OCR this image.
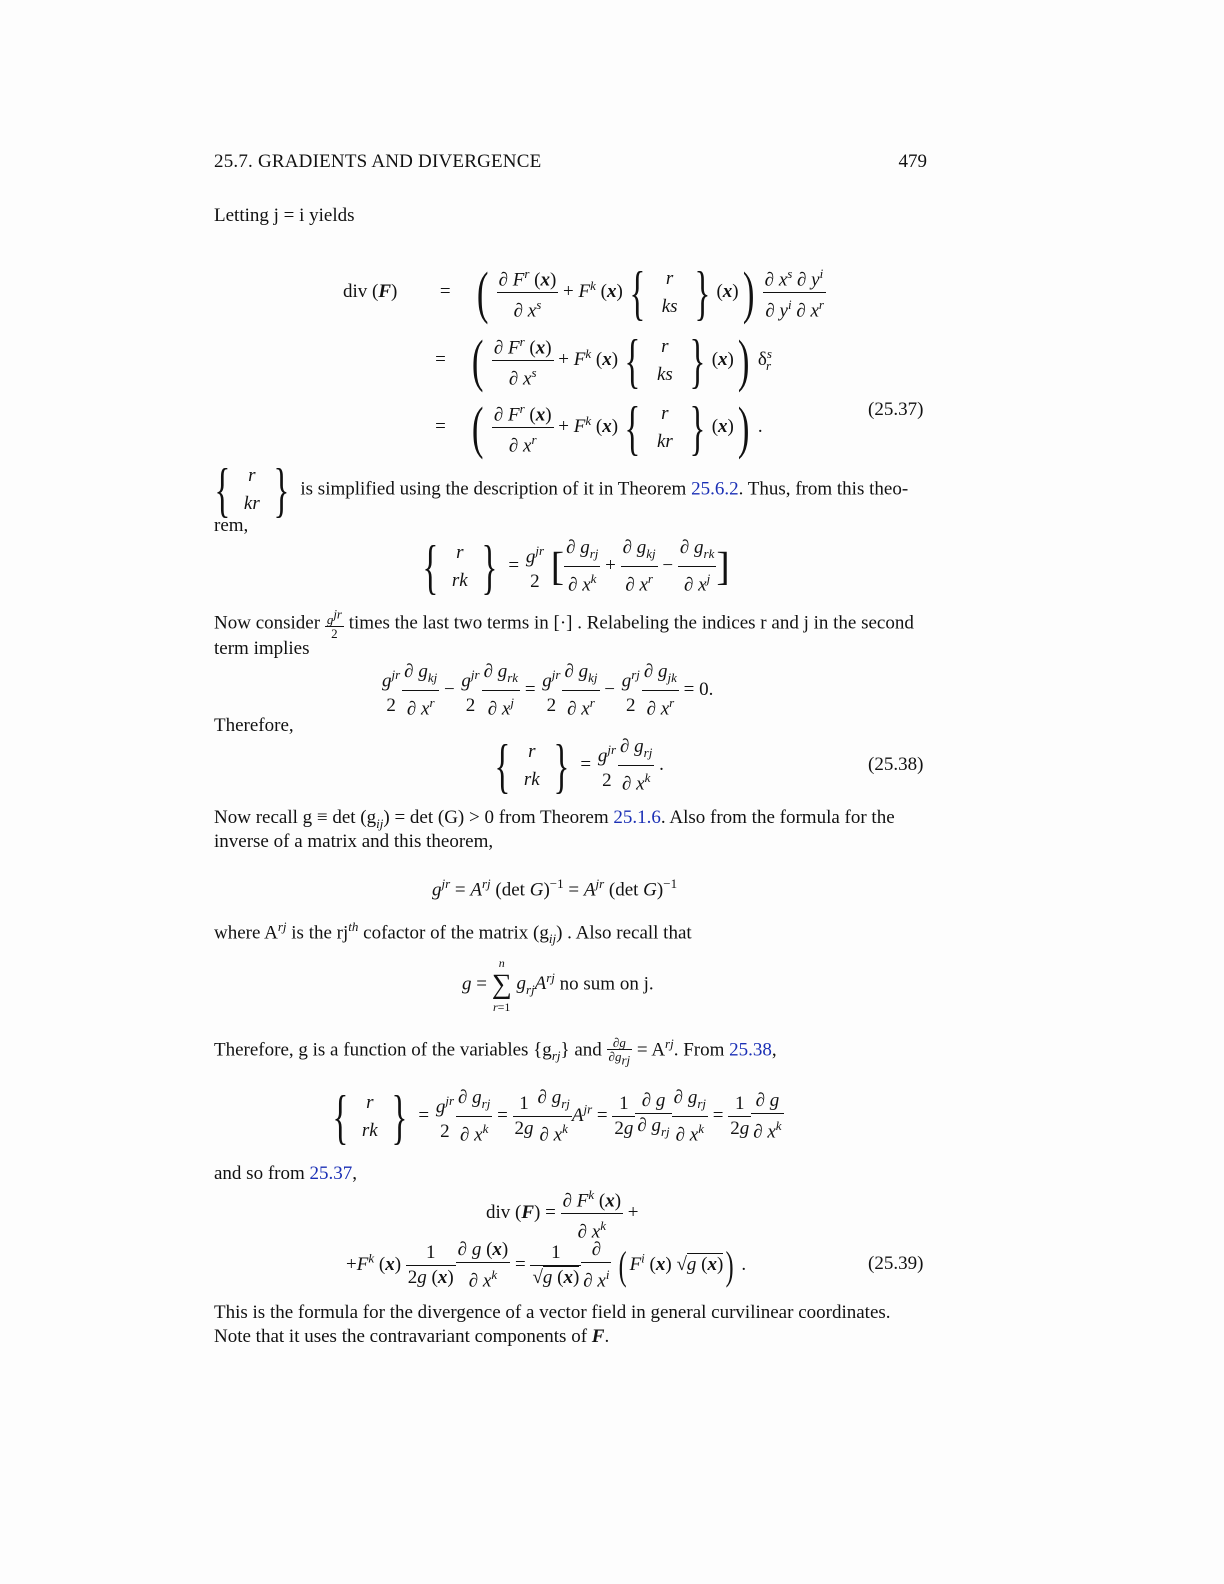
25.7. GRADIENTS AND DIVERGENCE	479
Letting j = i yields
div (F) = ( $\frac{\partial F^r (x)}{\partial x^s} + F^k$ (x) {	r
ks } $(x)) \frac{\partial x^s}{\partial y^i} \frac{\partial y^i}{\partial x^r}$
= ( $\frac{\partial F^r (x)}{\partial x^s} + F^k$ (x) {	r
ks } (x)) $\delta^s_r$
= ( $\frac{\partial F^r (x)}{\partial x^r} + F^k$ (x) {	r
kr } (x)) .
(25.37)
{ r
kr } is simplified using the description of it in Theorem 25.6.2. Thus, from this theo-
rem,
{ r
rk } = $g^{jr}$
2 [ $\frac{\partial g_{rj}}{\partial x^k} + \frac{\partial g_{kj}}{\partial x^r} - \frac{\partial g_{rk}}{\partial x^j}$ ]
Now consider $\frac{g^{jr}}{2}$ times the last two terms in [·] . Relabeling the indices r and j in the second
term implies
$g^{jr}$
$2 \frac{\partial g_{kj}}{\partial x^r} - g^{jr}$
$2 \frac{\partial g_{rk}}{\partial x^j} = g^{jr}$
$2 \frac{\partial g_{kj}}{\partial x^r} - g^{rj}$
$2 \frac{\partial g_{jk}}{\partial x^r} = 0$.
Therefore,
{ r
rk } = $g^{jr}$
$2 \frac{\partial g_{rj}}{\partial x^k}$ .	(25.38)
Now recall $g \equiv \det (g_{ij}) = \det (G) > 0$ from Theorem 25.1.6. Also from the formula for the
inverse of a matrix and this theorem,
$g^{jr} = A^{rj}$ (det $G)^{-1} = A^{jr}$ (det G)$^{-1}$
where $A^{rj}$ is the $rj^{th}$ cofactor of the matrix $(g_{ij})$ . Also recall that
g =
n
∑
r=1
$g_{rj}A^{rj}$ no sum on j.
Therefore, g is a function of the variables $\{g_{rj}\}$ and $\frac{\partial g}{\partial g_{rj}} = A^{rj}$. From 25.38,
{ r
rk } = $g^{jr}$
$2 \frac{\partial g_{rj}}{\partial x^k} = \frac{1}{2g} \frac{\partial g_{rj}}{\partial x^k} A^{jr} = \frac{1}{2g} \frac{\partial g}{\partial g_{rj}} \frac{\partial g_{rj}}{\partial x^k} = \frac{1}{2g} \frac{\partial g}{\partial x^k}$
and so from 25.37,
div $(F) = \frac{\partial F^k (x)}{\partial x^k}$ +
$+F^k$ $(x) \frac{1}{2g (x)} \frac{\partial g (x)}{\partial x^k} = \frac{1}{√g (x)} \frac{\partial}{\partial x^i}$ ( $F^i$ (x) √g (x)) .	(25.39)
This is the formula for the divergence of a vector field in general curvilinear coordinates.
Note that it uses the contravariant components of F.
